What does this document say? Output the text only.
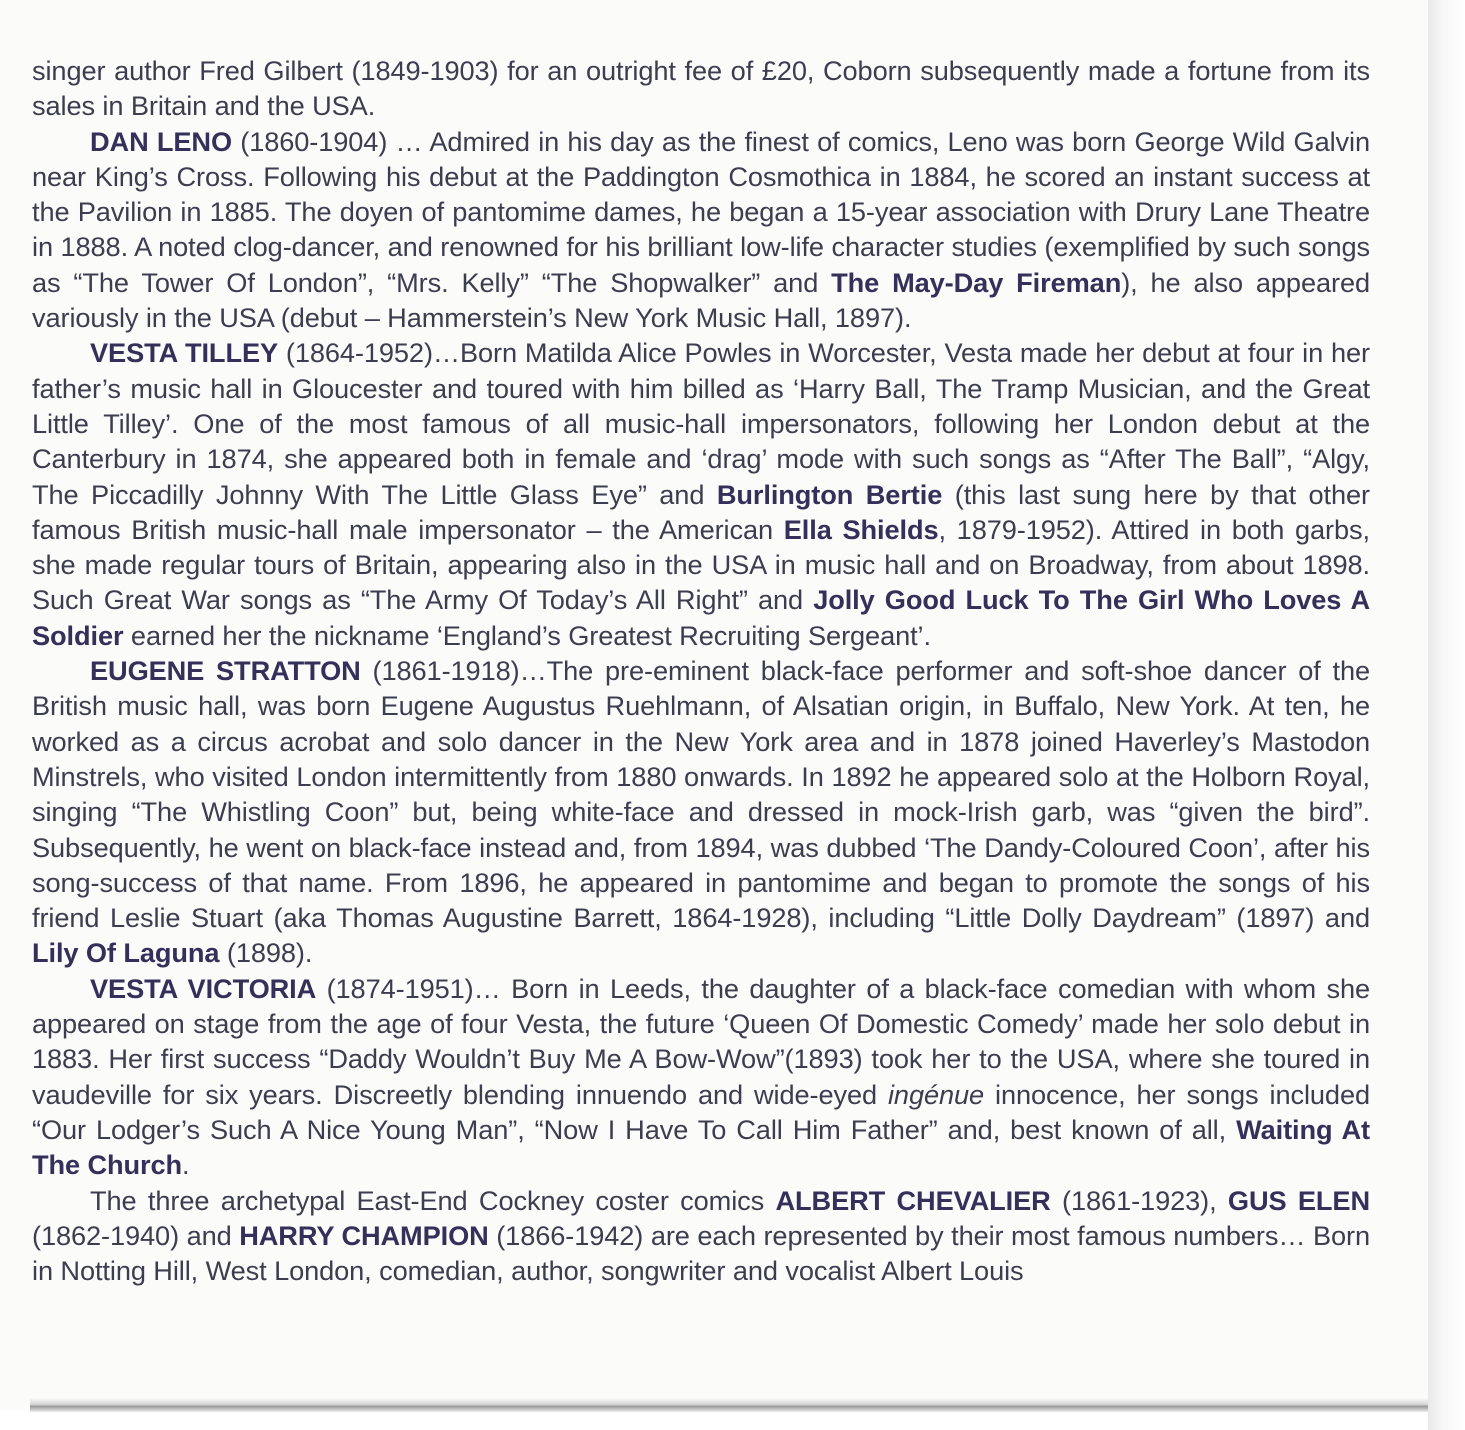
singer author Fred Gilbert (1849-1903) for an outright fee of £20, Coborn subsequently made a fortune from its sales in Britain and the USA.

DAN LENO (1860-1904) … Admired in his day as the finest of comics, Leno was born George Wild Galvin near King’s Cross. Following his debut at the Paddington Cosmothica in 1884, he scored an instant success at the Pavilion in 1885. The doyen of pantomime dames, he began a 15-year association with Drury Lane Theatre in 1888. A noted clog-dancer, and renowned for his brilliant low-life character studies (exemplified by such songs as “The Tower Of London”, “Mrs. Kelly” “The Shopwalker” and The May-Day Fireman), he also appeared variously in the USA (debut – Hammerstein’s New York Music Hall, 1897).

VESTA TILLEY (1864-1952)…Born Matilda Alice Powles in Worcester, Vesta made her debut at four in her father’s music hall in Gloucester and toured with him billed as ‘Harry Ball, The Tramp Musician, and the Great Little Tilley’. One of the most famous of all music-hall impersonators, following her London debut at the Canterbury in 1874, she appeared both in female and ‘drag’ mode with such songs as “After The Ball”, “Algy, The Piccadilly Johnny With The Little Glass Eye” and Burlington Bertie (this last sung here by that other famous British music-hall male impersonator – the American Ella Shields, 1879-1952). Attired in both garbs, she made regular tours of Britain, appearing also in the USA in music hall and on Broadway, from about 1898. Such Great War songs as “The Army Of Today’s All Right” and Jolly Good Luck To The Girl Who Loves A Soldier earned her the nickname ‘England’s Greatest Recruiting Sergeant’.

EUGENE STRATTON (1861-1918)…The pre-eminent black-face performer and soft-shoe dancer of the British music hall, was born Eugene Augustus Ruehlmann, of Alsatian origin, in Buffalo, New York. At ten, he worked as a circus acrobat and solo dancer in the New York area and in 1878 joined Haverley’s Mastodon Minstrels, who visited London intermittently from 1880 onwards. In 1892 he appeared solo at the Holborn Royal, singing “The Whistling Coon” but, being white-face and dressed in mock-Irish garb, was “given the bird”. Subsequently, he went on black-face instead and, from 1894, was dubbed ‘The Dandy-Coloured Coon’, after his song-success of that name. From 1896, he appeared in pantomime and began to promote the songs of his friend Leslie Stuart (aka Thomas Augustine Barrett, 1864-1928), including “Little Dolly Daydream” (1897) and Lily Of Laguna (1898).

VESTA VICTORIA (1874-1951)… Born in Leeds, the daughter of a black-face comedian with whom she appeared on stage from the age of four Vesta, the future ‘Queen Of Domestic Comedy’ made her solo debut in 1883. Her first success “Daddy Wouldn’t Buy Me A Bow-Wow”(1893) took her to the USA, where she toured in vaudeville for six years. Discreetly blending innuendo and wide-eyed ingénue innocence, her songs included “Our Lodger’s Such A Nice Young Man”, “Now I Have To Call Him Father” and, best known of all, Waiting At The Church.

The three archetypal East-End Cockney coster comics ALBERT CHEVALIER (1861-1923), GUS ELEN (1862-1940) and HARRY CHAMPION (1866-1942) are each represented by their most famous numbers… Born in Notting Hill, West London, comedian, author, songwriter and vocalist Albert Louis
